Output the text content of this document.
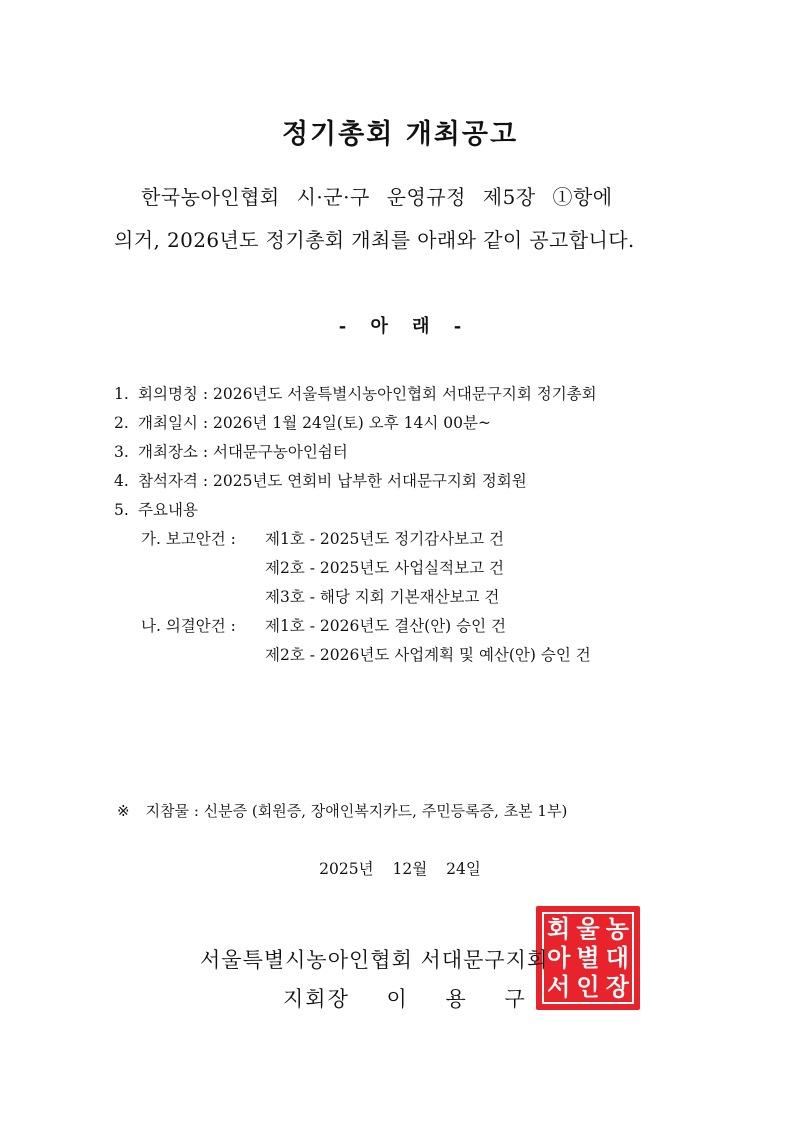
정기총회 개최공고
한국농아인협회 시·군·구 운영규정 제5장 ①항에
의거, 2026년도 정기총회 개최를 아래와 같이 공고합니다.
- 아 래 -
1. 회의명칭 : 2026년도 서울특별시농아인협회 서대문구지회 정기총회
2. 개최일시 : 2026년 1월 24일(토) 오후 14시 00분~
3. 개최장소 : 서대문구농아인쉼터
4. 참석자격 : 2025년도 연회비 납부한 서대문구지회 정회원
5. 주요내용
가. 보고안건 : 제1호 - 2025년도 정기감사보고 건
제2호 - 2025년도 사업실적보고 건
제3호 - 해당 지회 기본재산보고 건
나. 의결안건 : 제1호 - 2026년도 결산(안) 승인 건
제2호 - 2026년도 사업계획 및 예산(안) 승인 건
※ 지참물 : 신분증 (회원증, 장애인복지카드, 주민등록증, 초본 1부)
2025년 12월 24일
회 울 농
아 별 대
서 인 장
서울특별시농아인협회 서대문구지회
지회장 이 용 구
